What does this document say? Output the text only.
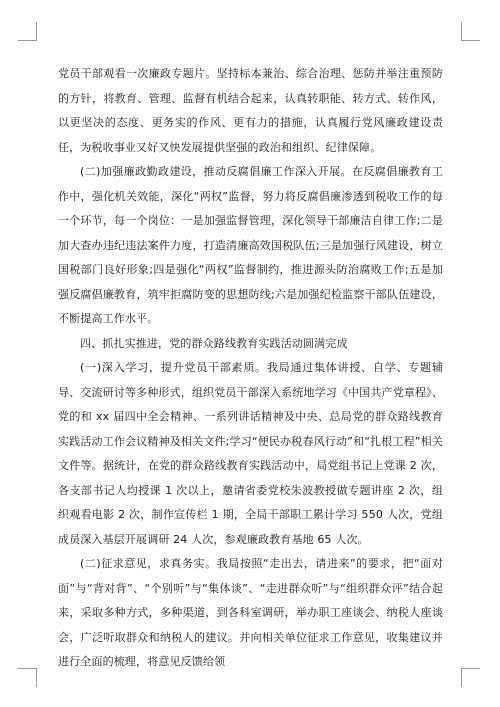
党员干部观看一次廉政专题片。坚持标本兼治、综合治理、惩防并举注重预防的方针，将教育、管理、监督有机结合起来，认真转职能、转方式、转作风，以更坚决的态度、更务实的作风、更有力的措施，认真履行党风廉政建设责任，为税收事业又好又快发展提供坚强的政治和组织、纪律保障。

(二)加强廉政勤政建设，推动反腐倡廉工作深入开展。在反腐倡廉教育工作中，强化机关效能，深化“两权”监督，努力将反腐倡廉渗透到税收工作的每一个环节，每一个岗位：一是加强监督管理，深化领导干部廉洁自律工作;二是加大查办违纪违法案件力度，打造清廉高效国税队伍;三是加强行风建设，树立国税部门良好形象;四是强化“两权”监督制约，推进源头防治腐败工作;五是加强反腐倡廉教育，筑牢拒腐防变的思想防线;六是加强纪检监察干部队伍建设，不断提高工作水平。

四、抓扎实推进，党的群众路线教育实践活动圆满完成

(一)深入学习，提升党员干部素质。我局通过集体讲授、自学、专题辅导、交流研讨等多种形式，组织党员干部深入系统地学习《中国共产党章程》、党的和 xx 届四中全会精神、一系列讲话精神及中央、总局党的群众路线教育实践活动工作会议精神及相关文件;学习“便民办税春风行动”和“扎根工程”相关文件等。据统计，在党的群众路线教育实践活动中，局党组书记上党课 2 次，各支部书记人均授课 1 次以上，邀请省委党校朱波教授做专题讲座 2 次，组织观看电影 2 次，制作宣传栏 1 期，全局干部职工累计学习 550 人次，党组成员深入基层开展调研 24 人次，参观廉政教育基地 65 人次。

(二)征求意见，求真务实。我局按照“走出去，请进来”的要求，把“面对面”与“背对背”、“个别听”与“集体谈”、“走进群众听”与“组织群众评”结合起来，采取多种方式，多种渠道，到各科室调研，举办职工座谈会、纳税人座谈会，广泛听取群众和纳税人的建议。并向相关单位征求工作意见，收集建议并进行全面的梳理，将意见反馈给领
